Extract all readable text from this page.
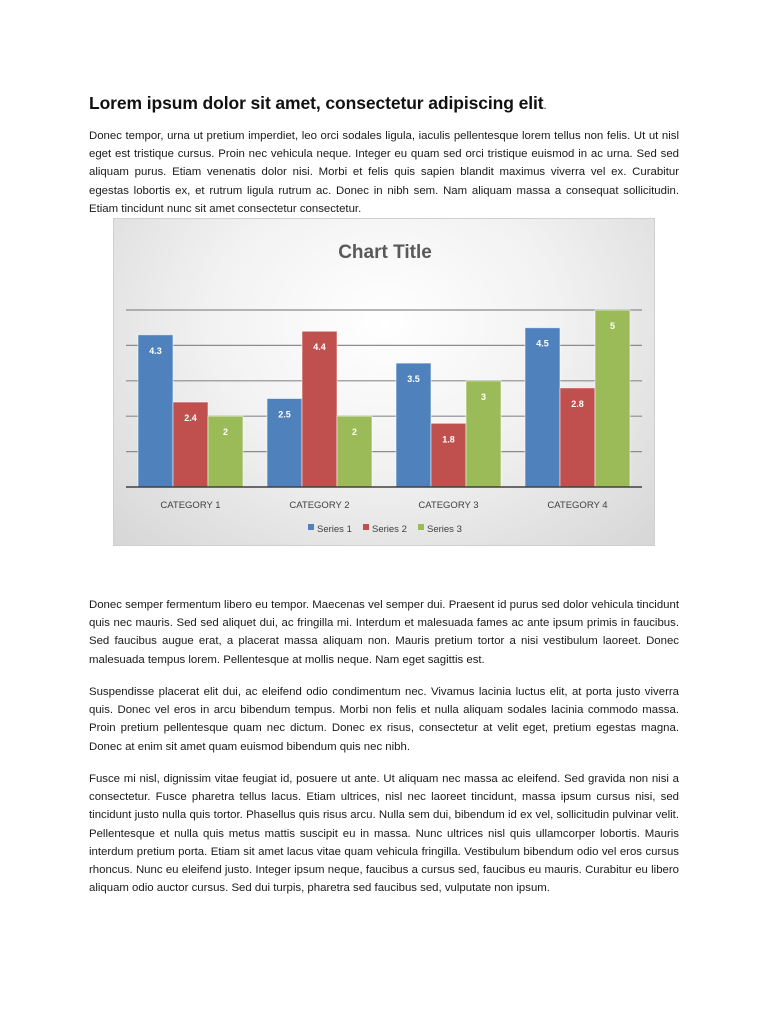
Lorem ipsum dolor sit amet, consectetur adipiscing elit.

Donec tempor, urna ut pretium imperdiet, leo orci sodales ligula, iaculis pellentesque lorem tellus non felis. Ut ut nisl eget est tristique cursus. Proin nec vehicula neque. Integer eu quam sed orci tristique euismod in ac urna. Sed sed aliquam purus. Etiam venenatis dolor nisi. Morbi et felis quis sapien blandit maximus viverra vel ex. Curabitur egestas lobortis ex, et rutrum ligula rutrum ac. Donec in nibh sem. Nam aliquam massa a consequat sollicitudin. Etiam tincidunt nunc sit amet consectetur consectetur.

Donec semper fermentum libero eu tempor. Maecenas vel semper dui. Praesent id purus sed dolor vehicula tincidunt quis nec mauris. Sed sed aliquet dui, ac fringilla mi. Interdum et malesuada fames ac ante ipsum primis in faucibus. Sed faucibus augue erat, a placerat massa aliquam non. Mauris pretium tortor a nisi vestibulum laoreet. Donec malesuada tempus lorem. Pellentesque at mollis neque. Nam eget sagittis est.

Suspendisse placerat elit dui, ac eleifend odio condimentum nec. Vivamus lacinia luctus elit, at porta justo viverra quis. Donec vel eros in arcu bibendum tempus. Morbi non felis et nulla aliquam sodales lacinia commodo massa. Proin pretium pellentesque quam nec dictum. Donec ex risus, consectetur at velit eget, pretium egestas magna. Donec at enim sit amet quam euismod bibendum quis nec nibh.

Fusce mi nisl, dignissim vitae feugiat id, posuere ut ante. Ut aliquam nec massa ac eleifend. Sed gravida non nisi a consectetur. Fusce pharetra tellus lacus. Etiam ultrices, nisl nec laoreet tincidunt, massa ipsum cursus nisi, sed tincidunt justo nulla quis tortor. Phasellus quis risus arcu. Nulla sem dui, bibendum id ex vel, sollicitudin pulvinar velit. Pellentesque et nulla quis metus mattis suscipit eu in massa. Nunc ultrices nisl quis ullamcorper lobortis. Mauris interdum pretium porta. Etiam sit amet lacus vitae quam vehicula fringilla. Vestibulum bibendum odio vel eros cursus rhoncus. Nunc eu eleifend justo. Integer ipsum neque, faucibus a cursus sed, faucibus eu mauris. Curabitur eu libero aliquam odio auctor cursus. Sed dui turpis, pharetra sed faucibus sed, vulputate non ipsum.

Chart Title
4.3
2.4
2
2.5
4.4
2
3.5
1.8
3
4.5
2.8
5
CATEGORY 1	CATEGORY 2	CATEGORY 3	CATEGORY 4
Series 1 Series 2 Series 3
